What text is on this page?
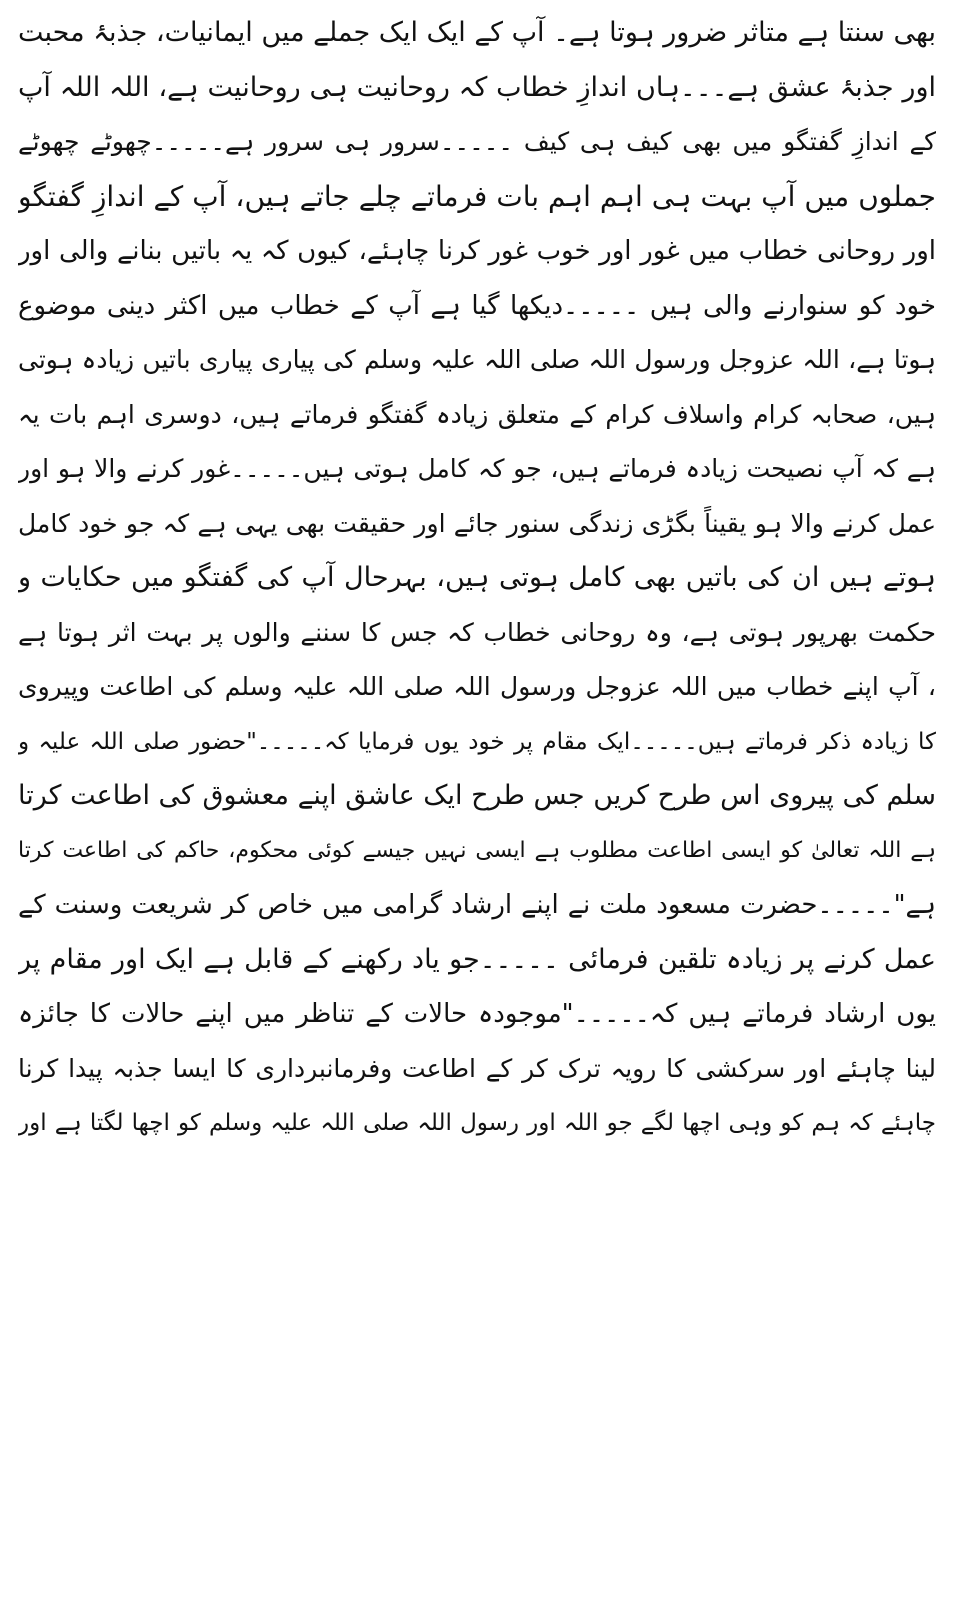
بھی سنتا ہے متاثر ضرور ہوتا ہے۔ آپ کے ایک ایک جملے میں ایمانیات، جذبۂ محبت
اور جذبۂ عشق ہے۔۔۔ہاں اندازِ خطاب کہ روحانیت ہی روحانیت ہے، اللہ اللہ آپ
کے اندازِ گفتگو میں بھی کیف ہی کیف ۔۔۔۔۔سرور ہی سرور ہے۔۔۔۔۔چھوٹے چھوٹے
جملوں میں آپ بہت ہی اہم اہم بات فرماتے چلے جاتے ہیں، آپ کے اندازِ گفتگو
اور روحانی خطاب میں غور اور خوب غور کرنا چاہئے، کیوں کہ یہ باتیں بنانے والی اور
خود کو سنوارنے والی ہیں ۔۔۔۔۔دیکھا گیا ہے آپ کے خطاب میں اکثر دینی موضوع
ہوتا ہے، اللہ عزوجل ورسول اللہ صلی اللہ علیہ وسلم کی پیاری پیاری باتیں زیادہ ہوتی
ہیں، صحابہ کرام واسلاف کرام کے متعلق زیادہ گفتگو فرماتے ہیں، دوسری اہم بات یہ
ہے کہ آپ نصیحت زیادہ فرماتے ہیں، جو کہ کامل ہوتی ہیں۔۔۔۔۔غور کرنے والا ہو اور
عمل کرنے والا ہو یقیناً بگڑی زندگی سنور جائے اور حقیقت بھی یہی ہے کہ جو خود کامل
ہوتے ہیں ان کی باتیں بھی کامل ہوتی ہیں، بہرحال آپ کی گفتگو میں حکایات و
حکمت بھرپور ہوتی ہے، وہ روحانی خطاب کہ جس کا سننے والوں پر بہت اثر ہوتا ہے
، آپ اپنے خطاب میں اللہ عزوجل ورسول اللہ صلی اللہ علیہ وسلم کی اطاعت وپیروی
کا زیادہ ذکر فرماتے ہیں۔۔۔۔۔ایک مقام پر خود یوں فرمایا کہ۔۔۔۔۔"حضور صلی اللہ علیہ و
سلم کی پیروی اس طرح کریں جس طرح ایک عاشق اپنے معشوق کی اطاعت کرتا
ہے اللہ تعالیٰ کو ایسی اطاعت مطلوب ہے ایسی نہیں جیسے کوئی محکوم، حاکم کی اطاعت کرتا
ہے"۔۔۔۔۔حضرت مسعود ملت نے اپنے ارشاد گرامی میں خاص کر شریعت وسنت کے
عمل کرنے پر زیادہ تلقین فرمائی ۔۔۔۔۔جو یاد رکھنے کے قابل ہے ایک اور مقام پر
یوں ارشاد فرماتے ہیں کہ۔۔۔۔۔"موجودہ حالات کے تناظر میں اپنے حالات کا جائزہ
لینا چاہئے اور سرکشی کا رویہ ترک کر کے اطاعت وفرمانبرداری کا ایسا جذبہ پیدا کرنا
چاہئے کہ ہم کو وہی اچھا لگے جو اللہ اور رسول اللہ صلی اللہ علیہ وسلم کو اچھا لگتا ہے اور
